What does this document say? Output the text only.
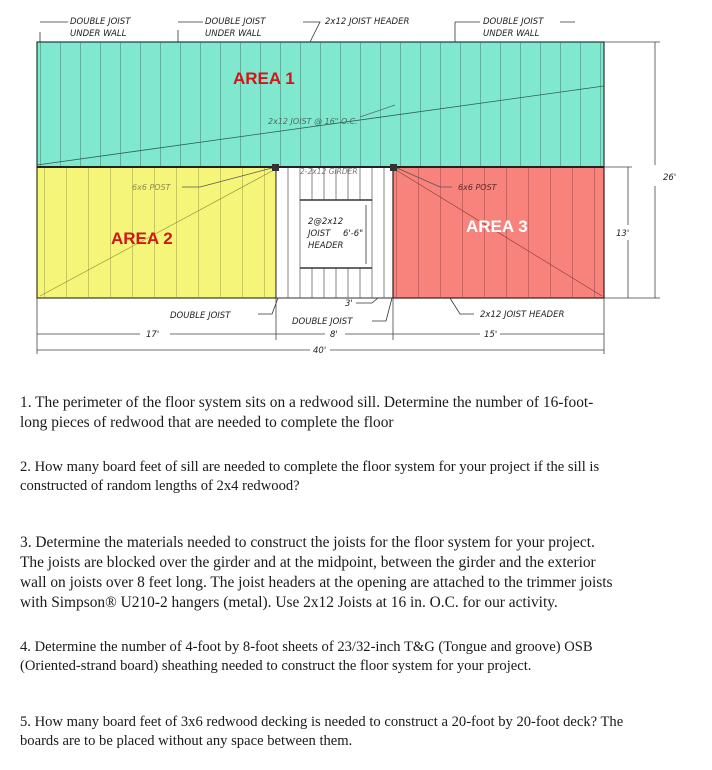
AREA 1
AREA 2
AREA 3
DOUBLE JOIST
UNDER WALL
DOUBLE JOIST
UNDER WALL
2x12 JOIST HEADER	DOUBLE JOIST
UNDER WALL
2x12 JOIST @ 16" O.C.
2-2x12 GIRDER
6x6 POST	6x6 POST
2@2x12
JOIST
HEADER
6'-6"
DOUBLE JOIST
3'
DOUBLE JOIST
2x12 JOIST HEADER
17'	8'	15'
40'
26'
13'

1. The perimeter of the floor system sits on a redwood sill. Determine the number of 16-foot-
long pieces of redwood that are needed to complete the floor

2. How many board feet of sill are needed to complete the floor system for your project if the sill is
constructed of random lengths of 2x4 redwood?

3. Determine the materials needed to construct the joists for the floor system for your project.
The joists are blocked over the girder and at the midpoint, between the girder and the exterior
wall on joists over 8 feet long. The joist headers at the opening are attached to the trimmer joists
with Simpson® U210-2 hangers (metal). Use 2x12 Joists at 16 in. O.C. for our activity.

4. Determine the number of 4-foot by 8-foot sheets of 23/32-inch T&G (Tongue and groove) OSB
(Oriented-strand board) sheathing needed to construct the floor system for your project.

5. How many board feet of 3x6 redwood decking is needed to construct a 20-foot by 20-foot deck? The
boards are to be placed without any space between them.
